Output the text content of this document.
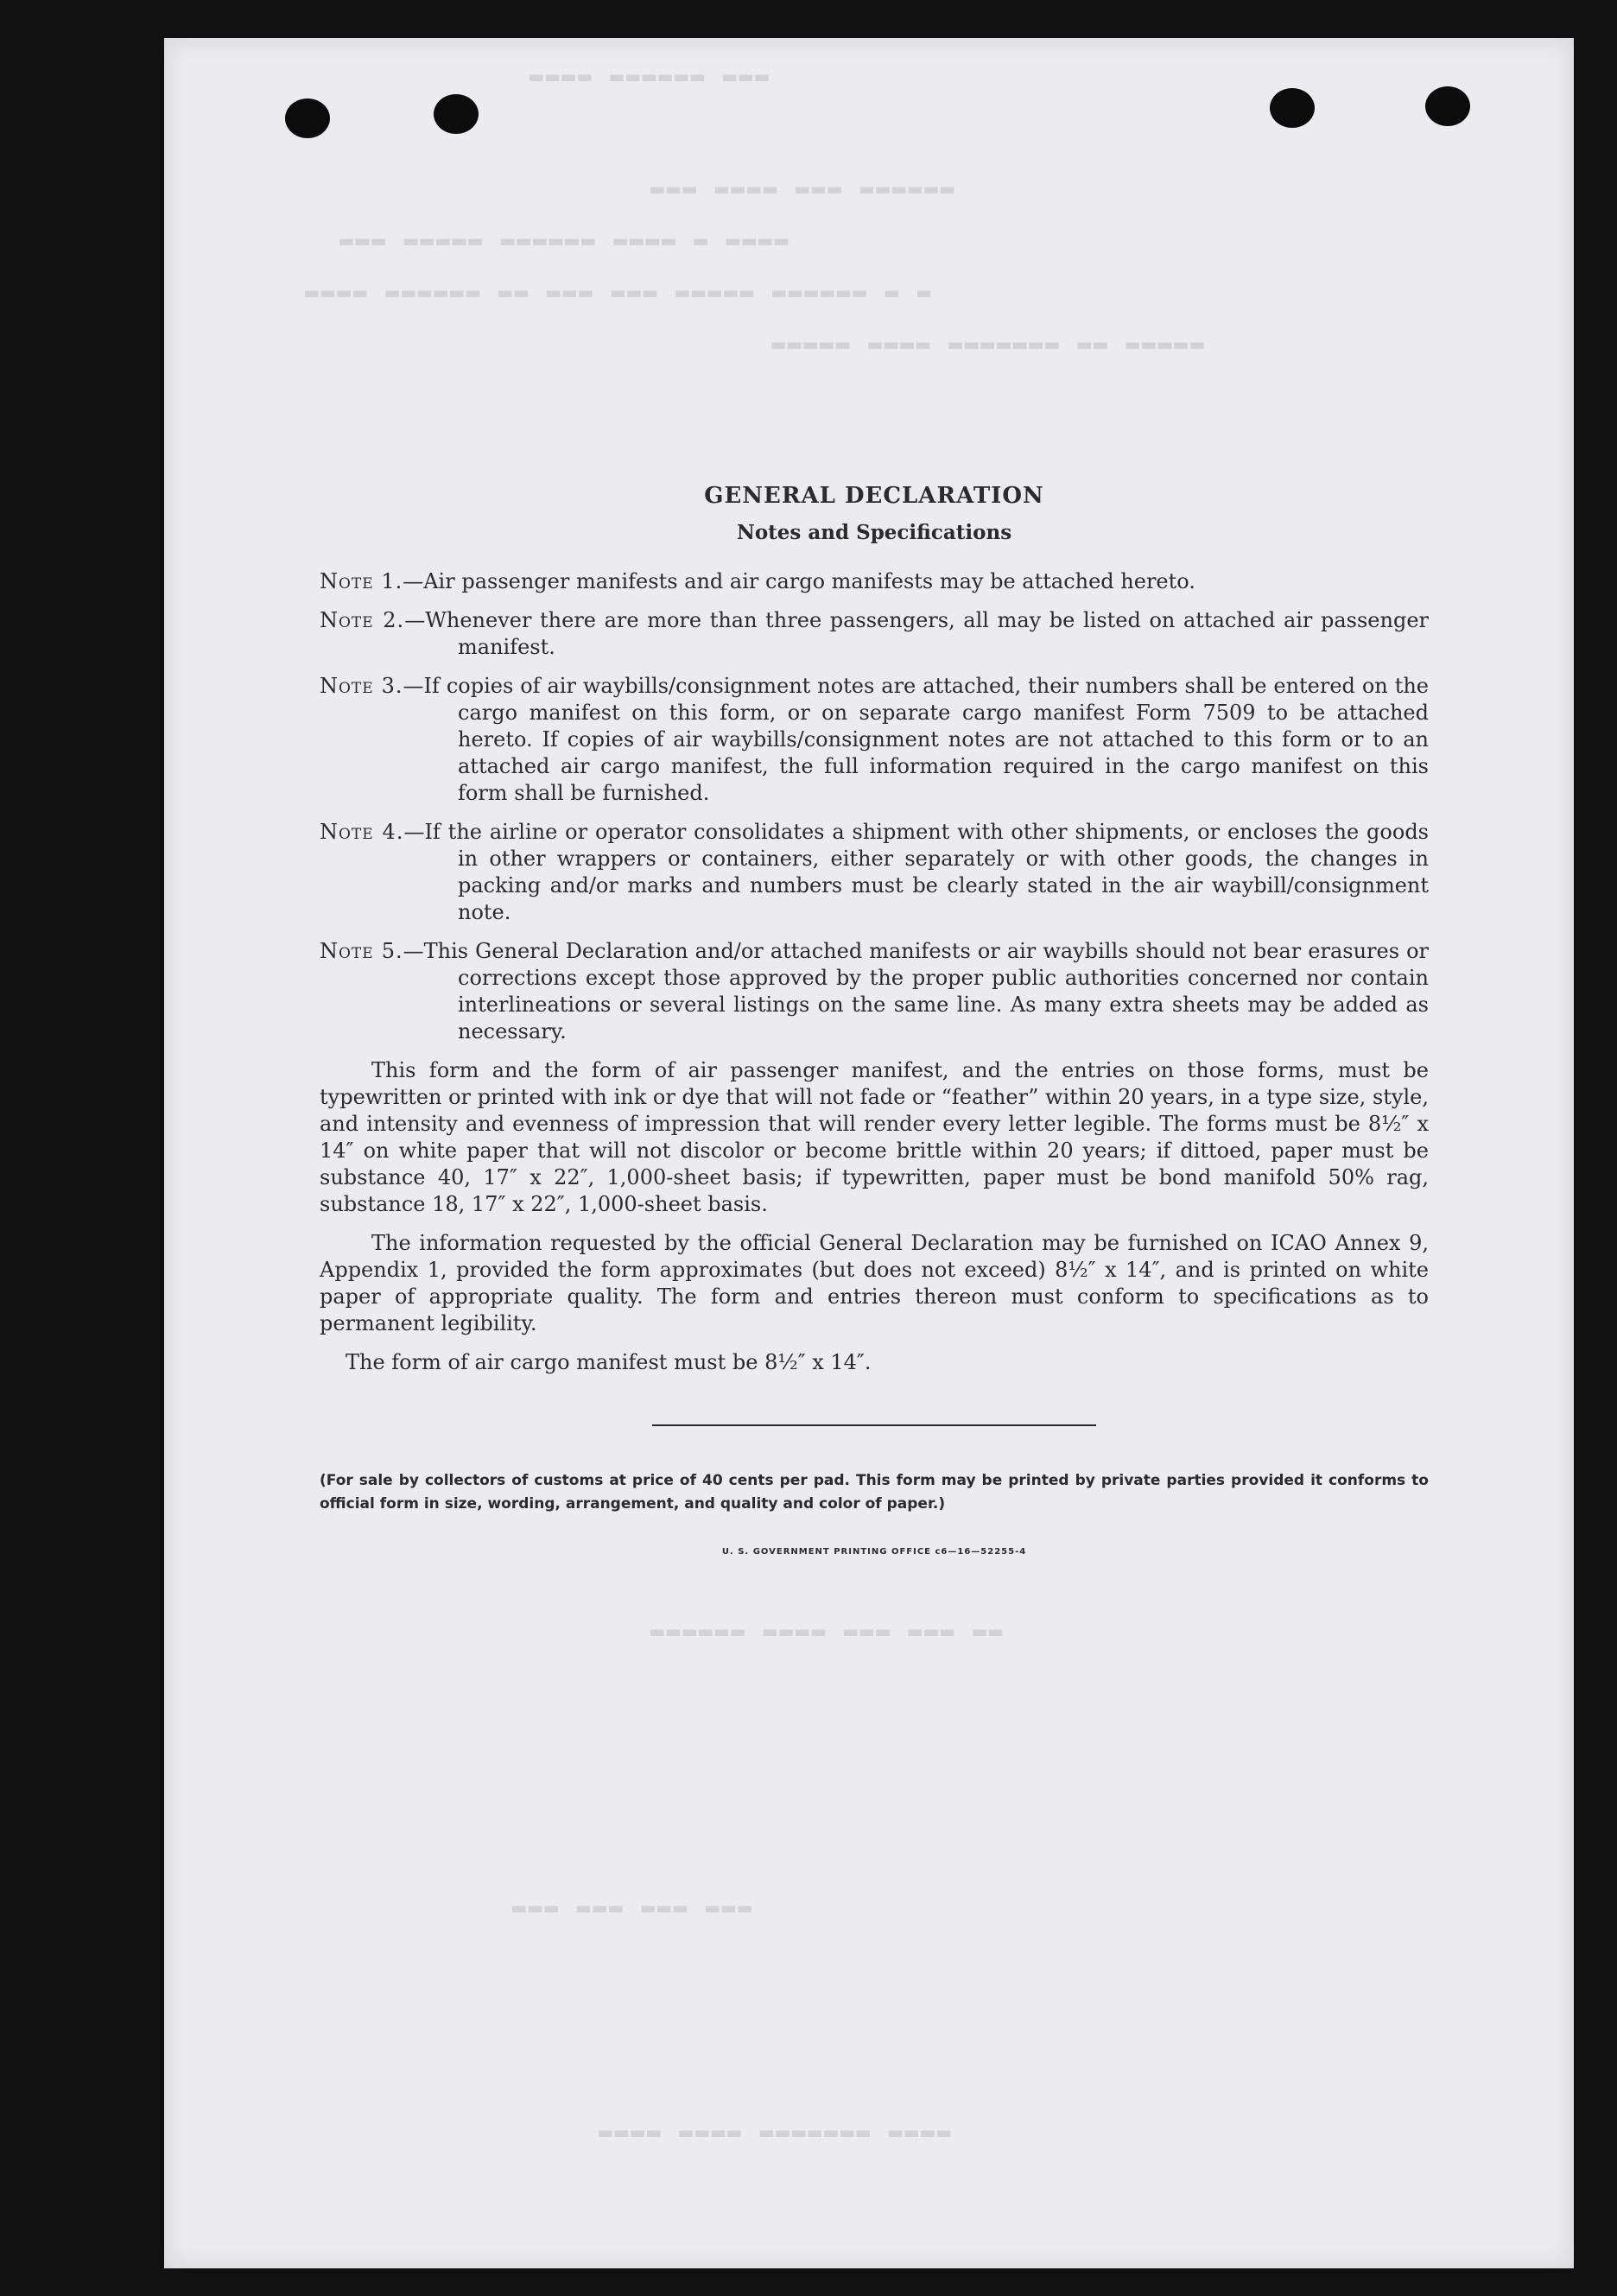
▬▬▬ ▬▬▬▬▬▬ ▬▬▬▬
▬▬▬▬▬▬ ▬▬▬ ▬▬▬▬ ▬▬▬
▬▬▬▬ ▬ ▬▬▬▬ ▬▬▬▬▬▬ ▬▬▬▬▬ ▬▬▬
▬ ▬ ▬▬▬▬▬▬ ▬▬▬▬▬ ▬▬▬ ▬▬▬ ▬▬ ▬▬▬▬▬▬ ▬▬▬▬
▬▬▬▬▬ ▬▬ ▬▬▬▬▬▬▬ ▬▬▬▬ ▬▬▬▬▬
▬▬ ▬▬▬ ▬▬▬ ▬▬▬▬ ▬▬▬▬▬▬
▬▬▬ ▬▬▬ ▬▬▬ ▬▬▬
▬▬▬▬ ▬▬▬▬▬▬▬ ▬▬▬▬ ▬▬▬▬
GENERAL DECLARATION
Notes and Specifications
Note 1.—Air passenger manifests and air cargo manifests may be attached hereto.
Note 2.—Whenever there are more than three passengers, all may be listed on attached air passenger manifest.
Note 3.—If copies of air waybills/consignment notes are attached, their numbers shall be entered on the cargo manifest on this form, or on separate cargo manifest Form 7509 to be attached hereto. If copies of air waybills/consignment notes are not attached to this form or to an attached air cargo manifest, the full information required in the cargo manifest on this form shall be furnished.
Note 4.—If the airline or operator consolidates a shipment with other shipments, or encloses the goods in other wrappers or containers, either separately or with other goods, the changes in packing and/or marks and numbers must be clearly stated in the air waybill/consignment note.
Note 5.—This General Declaration and/or attached manifests or air waybills should not bear erasures or corrections except those approved by the proper public authorities concerned nor contain interlineations or several listings on the same line. As many extra sheets may be added as necessary.

This form and the form of air passenger manifest, and the entries on those forms, must be typewritten or printed with ink or dye that will not fade or “feather” within 20 years, in a type size, style, and intensity and evenness of impression that will render every letter legible. The forms must be 8½″ x 14″ on white paper that will not discolor or become brittle within 20 years; if dittoed, paper must be substance 40, 17″ x 22″, 1,000-sheet basis; if typewritten, paper must be bond manifold 50% rag, substance 18, 17″ x 22″, 1,000-sheet basis.

The information requested by the official General Declaration may be furnished on ICAO Annex 9, Appendix 1, provided the form approximates (but does not exceed) 8½″ x 14″, and is printed on white paper of appropriate quality. The form and entries thereon must conform to specifications as to permanent legibility.

The form of air cargo manifest must be 8½″ x 14″.

(For sale by collectors of customs at price of 40 cents per pad. This form may be printed by private parties provided it conforms to official form in size, wording, arrangement, and quality and color of paper.)
U. S. GOVERNMENT PRINTING OFFICE c6—16—52255-4
